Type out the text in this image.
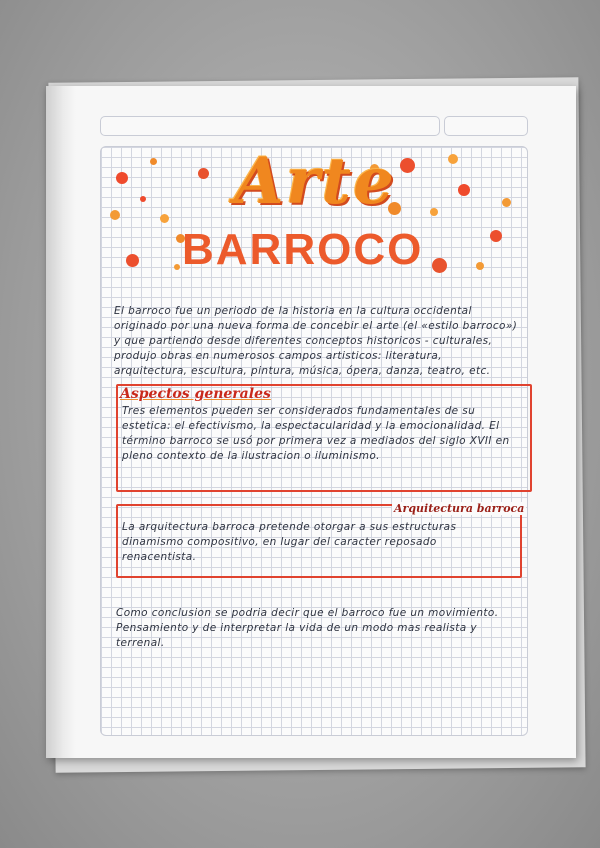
Arte
BARROCO
El barroco fue un periodo de la historia en la cultura occidental originado por una nueva forma de concebir el arte (el «estilo barroco») y que partiendo desde diferentes conceptos historicos - culturales, produjo obras en numerosos campos artisticos: literatura, arquitectura, escultura, pintura, música, ópera, danza, teatro, etc.
Aspectos generales
Tres elementos pueden ser considerados fundamentales de su estetica: el efectivismo, la espectacularidad y la emocionalidad. El término barroco se usó por primera vez a mediados del siglo XVII en pleno contexto de la ilustracion o iluminismo.
Arquitectura barroca
La arquitectura barroca pretende otorgar a sus estructuras dinamismo compositivo, en lugar del caracter reposado renacentista.
Como conclusion se podria decir que el barroco fue un movimiento. Pensamiento y de interpretar la vida de un modo mas realista y terrenal.
